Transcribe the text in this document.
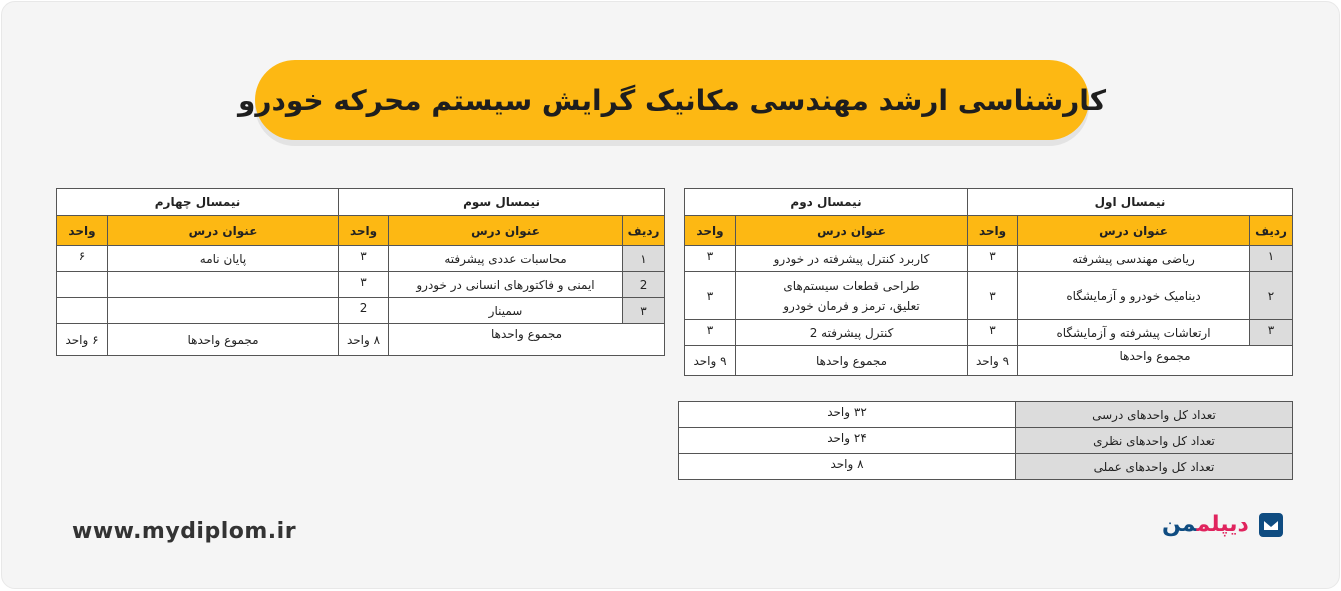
کارشناسی ارشد مهندسی مکانیک گرایش سیستم محرکه خودرو
نیمسال اول			نیمسال دوم	
ردیف	عنوان درس	واحد	عنوان درس	واحد
۱	ریاضی مهندسی پیشرفته	۳	کاربرد کنترل پیشرفته در خودرو	۳
۲	دینامیک خودرو و آزمایشگاه	۳	طراحی قطعات سیستم‌های
تعلیق، ترمز و فرمان خودرو	۳
۳	ارتعاشات پیشرفته و آزمایشگاه	۳	کنترل پیشرفته 2	۳
مجموع واحدها		۹ واحد	مجموع واحدها	۹ واحد
نیمسال سوم			نیمسال چهارم	
ردیف	عنوان درس	واحد	عنوان درس	واحد
۱	محاسبات عددی پیشرفته	۳	پایان نامه	۶
2	ایمنی و فاکتورهای انسانی در خودرو	۳		
۳	سمینار	2		
مجموع واحدها		۸ واحد	مجموع واحدها	۶ واحد
تعداد کل واحدهای درسی	۳۲ واحد
تعداد کل واحدهای نظری	۲۴ واحد
تعداد کل واحدهای عملی	۸ واحد
www.mydiplom.ir	دیپلممن
